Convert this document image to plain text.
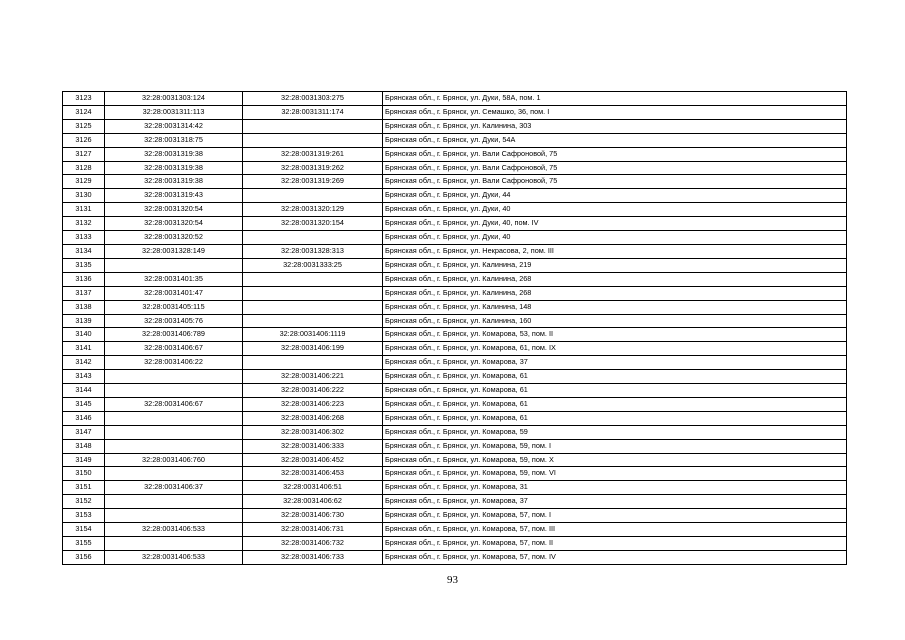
3123	32:28:0031303:124	32:28:0031303:275	Брянская обл., г. Брянск, ул. Дуки, 58А, пом. 1
3124	32:28:0031311:113	32:28:0031311:174	Брянская обл., г. Брянск, ул. Семашко, 36, пом. I
3125	32:28:0031314:42		Брянская обл., г. Брянск, ул. Калинина, 303
3126	32:28:0031318:75		Брянская обл., г. Брянск, ул. Дуки, 54А
3127	32:28:0031319:38	32:28:0031319:261	Брянская обл., г. Брянск, ул. Вали Сафроновой, 75
3128	32:28:0031319:38	32:28:0031319:262	Брянская обл., г. Брянск, ул. Вали Сафроновой, 75
3129	32:28:0031319:38	32:28:0031319:269	Брянская обл., г. Брянск, ул. Вали Сафроновой, 75
3130	32:28:0031319:43		Брянская обл., г. Брянск, ул. Дуки, 44
3131	32:28:0031320:54	32:28:0031320:129	Брянская обл., г. Брянск, ул. Дуки, 40
3132	32:28:0031320:54	32:28:0031320:154	Брянская обл., г. Брянск, ул. Дуки, 40, пом. IV
3133	32:28:0031320:52		Брянская обл., г. Брянск, ул. Дуки, 40
3134	32:28:0031328:149	32:28:0031328:313	Брянская обл., г. Брянск, ул. Некрасова, 2, пом. III
3135		32:28:0031333:25	Брянская обл., г. Брянск, ул. Калинина, 219
3136	32:28:0031401:35		Брянская обл., г. Брянск, ул. Калинина, 268
3137	32:28:0031401:47		Брянская обл., г. Брянск, ул. Калинина, 268
3138	32:28:0031405:115		Брянская обл., г. Брянск, ул. Калинина, 148
3139	32:28:0031405:76		Брянская обл., г. Брянск, ул. Калинина, 160
3140	32:28:0031406:789	32:28:0031406:1119	Брянская обл., г. Брянск, ул. Комарова, 53, пом. II
3141	32:28:0031406:67	32:28:0031406:199	Брянская обл., г. Брянск, ул. Комарова, 61, пом. IX
3142	32:28:0031406:22		Брянская обл., г. Брянск, ул. Комарова, 37
3143		32:28:0031406:221	Брянская обл., г. Брянск, ул. Комарова, 61
3144		32:28:0031406:222	Брянская обл., г. Брянск, ул. Комарова, 61
3145	32:28:0031406:67	32:28:0031406:223	Брянская обл., г. Брянск, ул. Комарова, 61
3146		32:28:0031406:268	Брянская обл., г. Брянск, ул. Комарова, 61
3147		32:28:0031406:302	Брянская обл., г. Брянск, ул. Комарова, 59
3148		32:28:0031406:333	Брянская обл., г. Брянск, ул. Комарова, 59, пом. I
3149	32:28:0031406:760	32:28:0031406:452	Брянская обл., г. Брянск, ул. Комарова, 59, пом. X
3150		32:28:0031406:453	Брянская обл., г. Брянск, ул. Комарова, 59, пом. VI
3151	32:28:0031406:37	32:28:0031406:51	Брянская обл., г. Брянск, ул. Комарова, 31
3152		32:28:0031406:62	Брянская обл., г. Брянск, ул. Комарова, 37
3153		32:28:0031406:730	Брянская обл., г. Брянск, ул. Комарова, 57, пом. I
3154	32:28:0031406:533	32:28:0031406:731	Брянская обл., г. Брянск, ул. Комарова, 57, пом. III
3155		32:28:0031406:732	Брянская обл., г. Брянск, ул. Комарова, 57, пом. II
3156	32:28:0031406:533	32:28:0031406:733	Брянская обл., г. Брянск, ул. Комарова, 57, пом. IV
93
